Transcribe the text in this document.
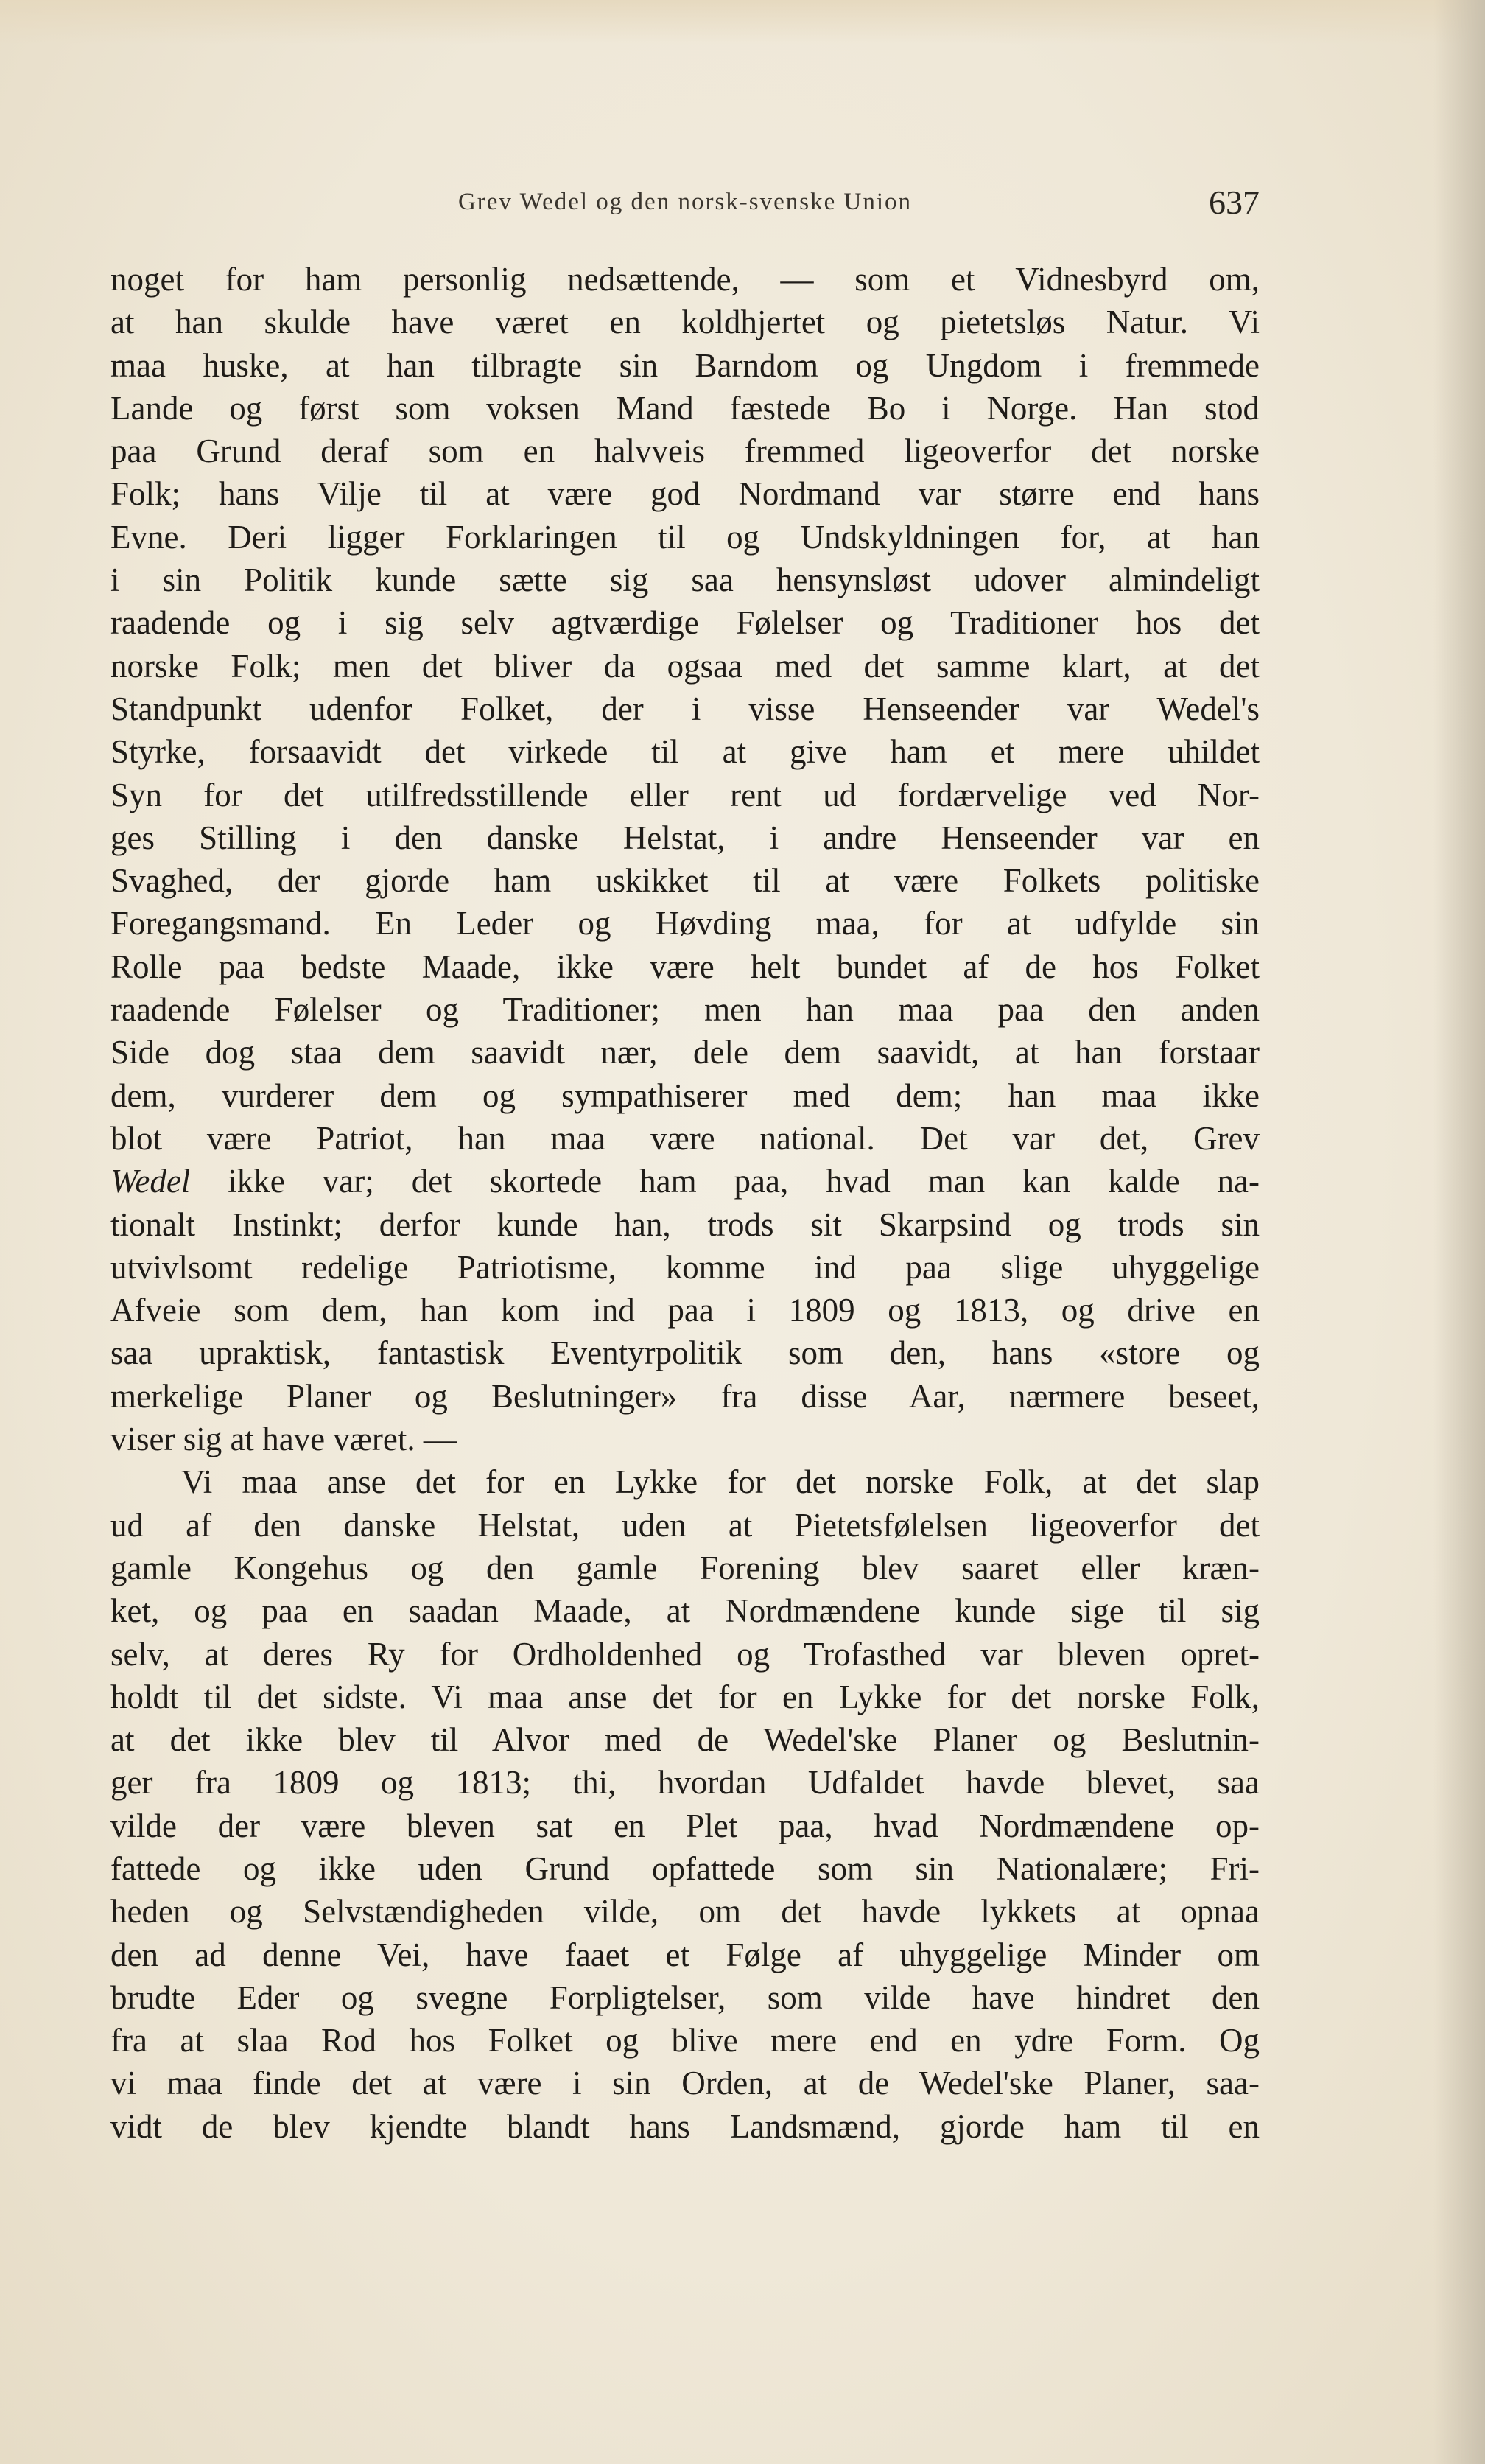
Grev Wedel og den norsk-svenske Union	637
noget for ham personlig nedsættende, — som et Vidnesbyrd om,
at han skulde have været en koldhjertet og pietetsløs Natur. Vi
maa huske, at han tilbragte sin Barndom og Ungdom i fremmede
Lande og først som voksen Mand fæstede Bo i Norge. Han stod
paa Grund deraf som en halvveis fremmed ligeoverfor det norske
Folk; hans Vilje til at være god Nordmand var større end hans
Evne. Deri ligger Forklaringen til og Undskyldningen for, at han
i sin Politik kunde sætte sig saa hensynsløst udover almindeligt
raadende og i sig selv agtværdige Følelser og Traditioner hos det
norske Folk; men det bliver da ogsaa med det samme klart, at det
Standpunkt udenfor Folket, der i visse Henseender var Wedel's
Styrke, forsaavidt det virkede til at give ham et mere uhildet
Syn for det utilfredsstillende eller rent ud fordærvelige ved Nor-
ges Stilling i den danske Helstat, i andre Henseender var en
Svaghed, der gjorde ham uskikket til at være Folkets politiske
Foregangsmand. En Leder og Høvding maa, for at udfylde sin
Rolle paa bedste Maade, ikke være helt bundet af de hos Folket
raadende Følelser og Traditioner; men han maa paa den anden
Side dog staa dem saavidt nær, dele dem saavidt, at han forstaar
dem, vurderer dem og sympathiserer med dem; han maa ikke
blot være Patriot, han maa være national. Det var det, Grev
Wedel ikke var; det skortede ham paa, hvad man kan kalde na-
tionalt Instinkt; derfor kunde han, trods sit Skarpsind og trods sin
utvivlsomt redelige Patriotisme, komme ind paa slige uhyggelige
Afveie som dem, han kom ind paa i 1809 og 1813, og drive en
saa upraktisk, fantastisk Eventyrpolitik som den, hans «store og
merkelige Planer og Beslutninger» fra disse Aar, nærmere beseet,
viser sig at have været. —
Vi maa anse det for en Lykke for det norske Folk, at det slap
ud af den danske Helstat, uden at Pietetsfølelsen ligeoverfor det
gamle Kongehus og den gamle Forening blev saaret eller kræn-
ket, og paa en saadan Maade, at Nordmændene kunde sige til sig
selv, at deres Ry for Ordholdenhed og Trofasthed var bleven opret-
holdt til det sidste. Vi maa anse det for en Lykke for det norske Folk,
at det ikke blev til Alvor med de Wedel'ske Planer og Beslutnin-
ger fra 1809 og 1813; thi, hvordan Udfaldet havde blevet, saa
vilde der være bleven sat en Plet paa, hvad Nordmændene op-
fattede og ikke uden Grund opfattede som sin Nationalære; Fri-
heden og Selvstændigheden vilde, om det havde lykkets at opnaa
den ad denne Vei, have faaet et Følge af uhyggelige Minder om
brudte Eder og svegne Forpligtelser, som vilde have hindret den
fra at slaa Rod hos Folket og blive mere end en ydre Form. Og
vi maa finde det at være i sin Orden, at de Wedel'ske Planer, saa-
vidt de blev kjendte blandt hans Landsmænd, gjorde ham til en
